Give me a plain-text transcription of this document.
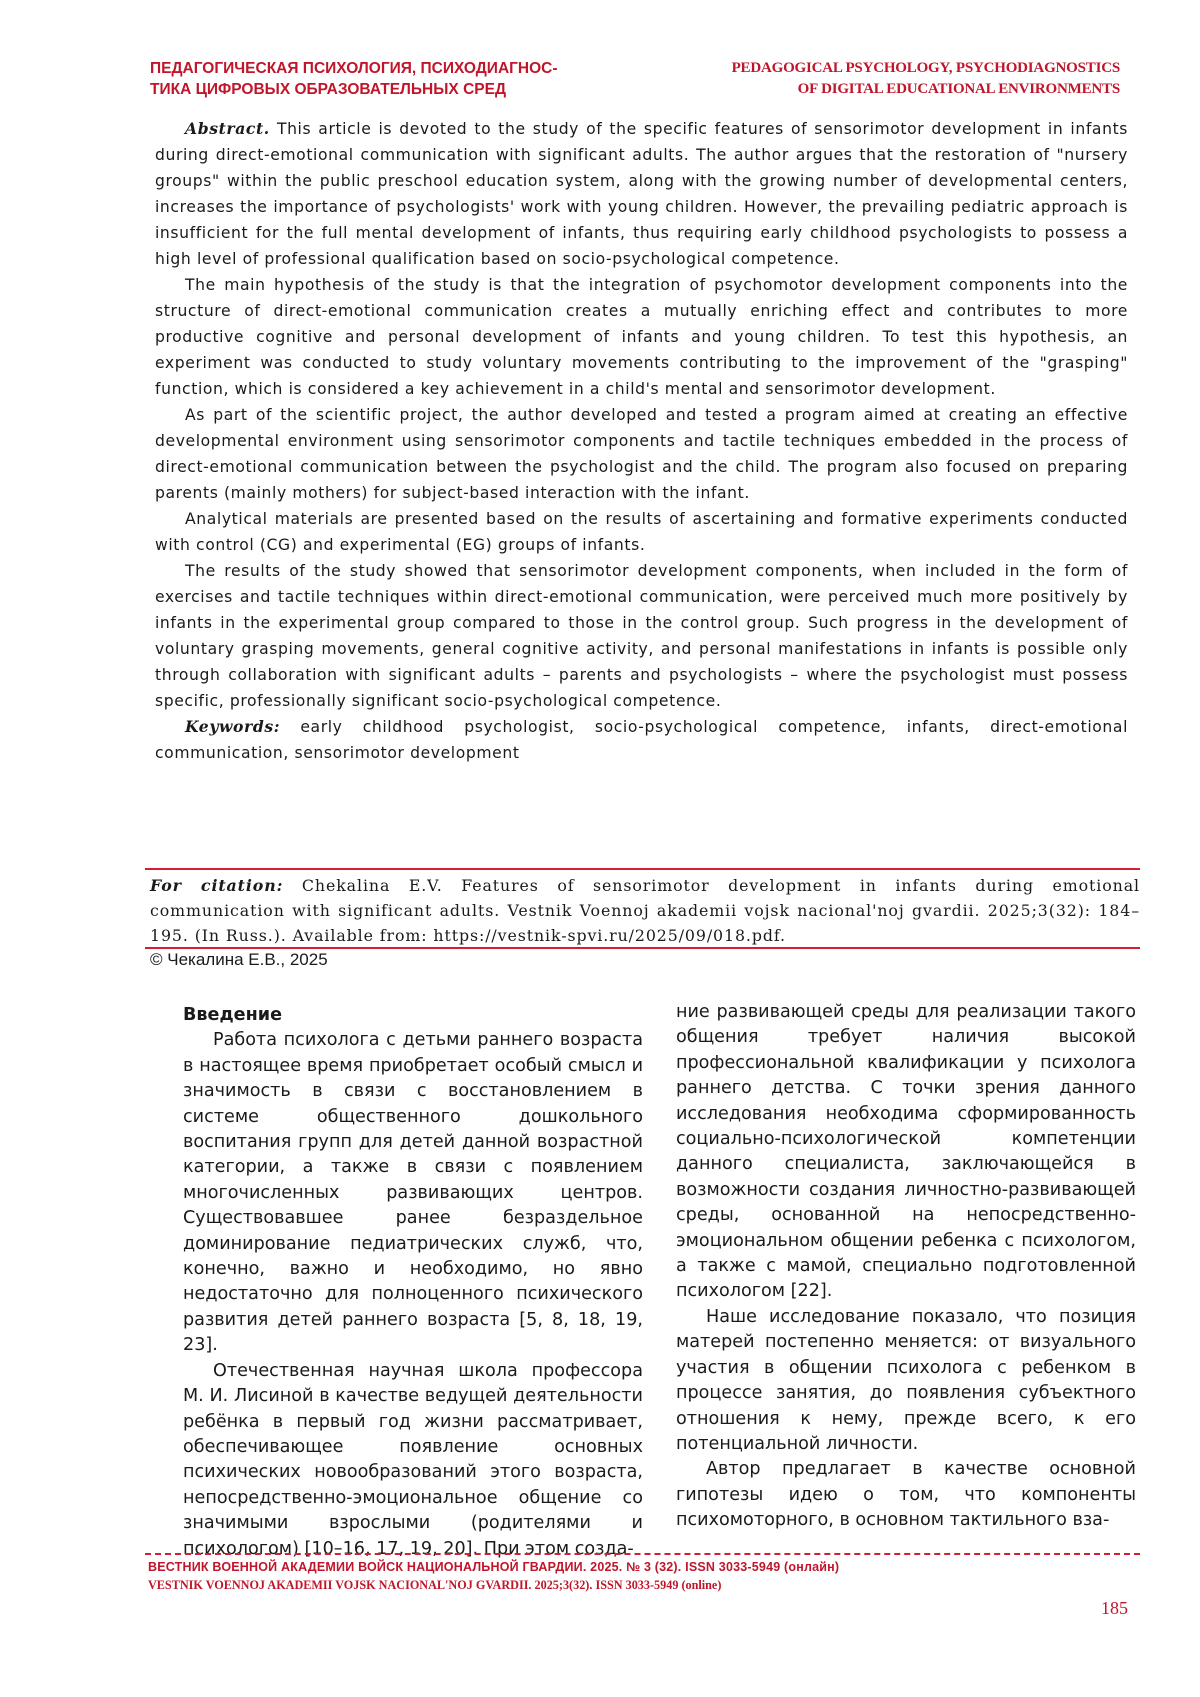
ПЕДАГОГИЧЕСКАЯ ПСИХОЛОГИЯ, ПСИХОДИАГНОС-
ТИКА ЦИФРОВЫХ ОБРАЗОВАТЕЛЬНЫХ СРЕД
PEDAGOGICAL PSYCHOLOGY, PSYCHODIAGNOSTICS
OF DIGITAL EDUCATIONAL ENVIRONMENTS

Abstract. This article is devoted to the study of the specific features of sensorimotor development in infants during direct-emotional communication with significant adults. The author argues that the restoration of "nursery groups" within the public preschool education system, along with the growing number of developmental centers, increases the importance of psychologists' work with young children. However, the prevailing pediatric approach is insufficient for the full mental development of infants, thus requiring early childhood psychologists to possess a high level of professional qualification based on socio-psychological competence.

The main hypothesis of the study is that the integration of psychomotor development components into the structure of direct-emotional communication creates a mutually enriching effect and contributes to more productive cognitive and personal development of infants and young children. To test this hypothesis, an experiment was conducted to study voluntary movements contributing to the improvement of the "grasping" function, which is considered a key achievement in a child's mental and sensorimotor development.

As part of the scientific project, the author developed and tested a program aimed at creating an effective developmental environment using sensorimotor components and tactile techniques embedded in the process of direct-emotional communication between the psychologist and the child. The program also focused on preparing parents (mainly mothers) for subject-based interaction with the infant.

Analytical materials are presented based on the results of ascertaining and formative experiments conducted with control (CG) and experimental (EG) groups of infants.

The results of the study showed that sensorimotor development components, when included in the form of exercises and tactile techniques within direct-emotional communication, were perceived much more positively by infants in the experimental group compared to those in the control group. Such progress in the development of voluntary grasping movements, general cognitive activity, and personal manifestations in infants is possible only through collaboration with significant adults – parents and psychologists – where the psychologist must possess specific, professionally significant socio-psychological competence.

Keywords: early childhood psychologist, socio-psychological competence, infants, direct-emotional communication, sensorimotor development

For citation: Chekalina E.V. Features of sensorimotor development in infants during emotional communication with significant adults. Vestnik Voennoj akademii vojsk nacional'noj gvardii. 2025;3(32): 184–195. (In Russ.). Available from: https://vestnik-spvi.ru/2025/09/018.pdf.
© Чекалина Е.В., 2025
Введение

Работа психолога с детьми раннего возраста в настоящее время приобретает особый смысл и значимость в связи с восстановлением в системе общественного дошкольного воспитания групп для детей данной возрастной категории, а также в связи с появлением многочисленных развивающих центров. Существовавшее ранее безраздельное доминирование педиатрических служб, что, конечно, важно и необходимо, но явно недостаточно для полноценного психического развития детей раннего возраста [5, 8, 18, 19, 23].

Отечественная научная школа профессора М. И. Лисиной в качестве ведущей деятельности ребёнка в первый год жизни рассматривает, обеспечивающее появление основных психических новообразований этого возраста, непосредственно-эмоциональное общение со значимыми взрослыми (родителями и психологом) [10–16, 17, 19, 20]. При этом созда-

ние развивающей среды для реализации такого общения требует наличия высокой профессиональной квалификации у психолога раннего детства. С точки зрения данного исследования необходима сформированность социально-психологической компетенции данного специалиста, заключающейся в возможности создания личностно-развивающей среды, основанной на непосредственно-эмоциональном общении ребенка с психологом, а также с мамой, специально подготовленной психологом [22].

Наше исследование показало, что позиция матерей постепенно меняется: от визуального участия в общении психолога с ребенком в процессе занятия, до появления субъектного отношения к нему, прежде всего, к его потенциальной личности.

Автор предлагает в качестве основной гипотезы идею о том, что компоненты психомоторного, в основном тактильного вза-

ВЕСТНИК ВОЕННОЙ АКАДЕМИИ ВОЙСК НАЦИОНАЛЬНОЙ ГВАРДИИ. 2025. № 3 (32). ISSN 3033-5949 (онлайн)
VESTNIK VOENNOJ AKADEMII VOJSK NACIONAL'NOJ GVARDII. 2025;3(32). ISSN 3033-5949 (online)
185
